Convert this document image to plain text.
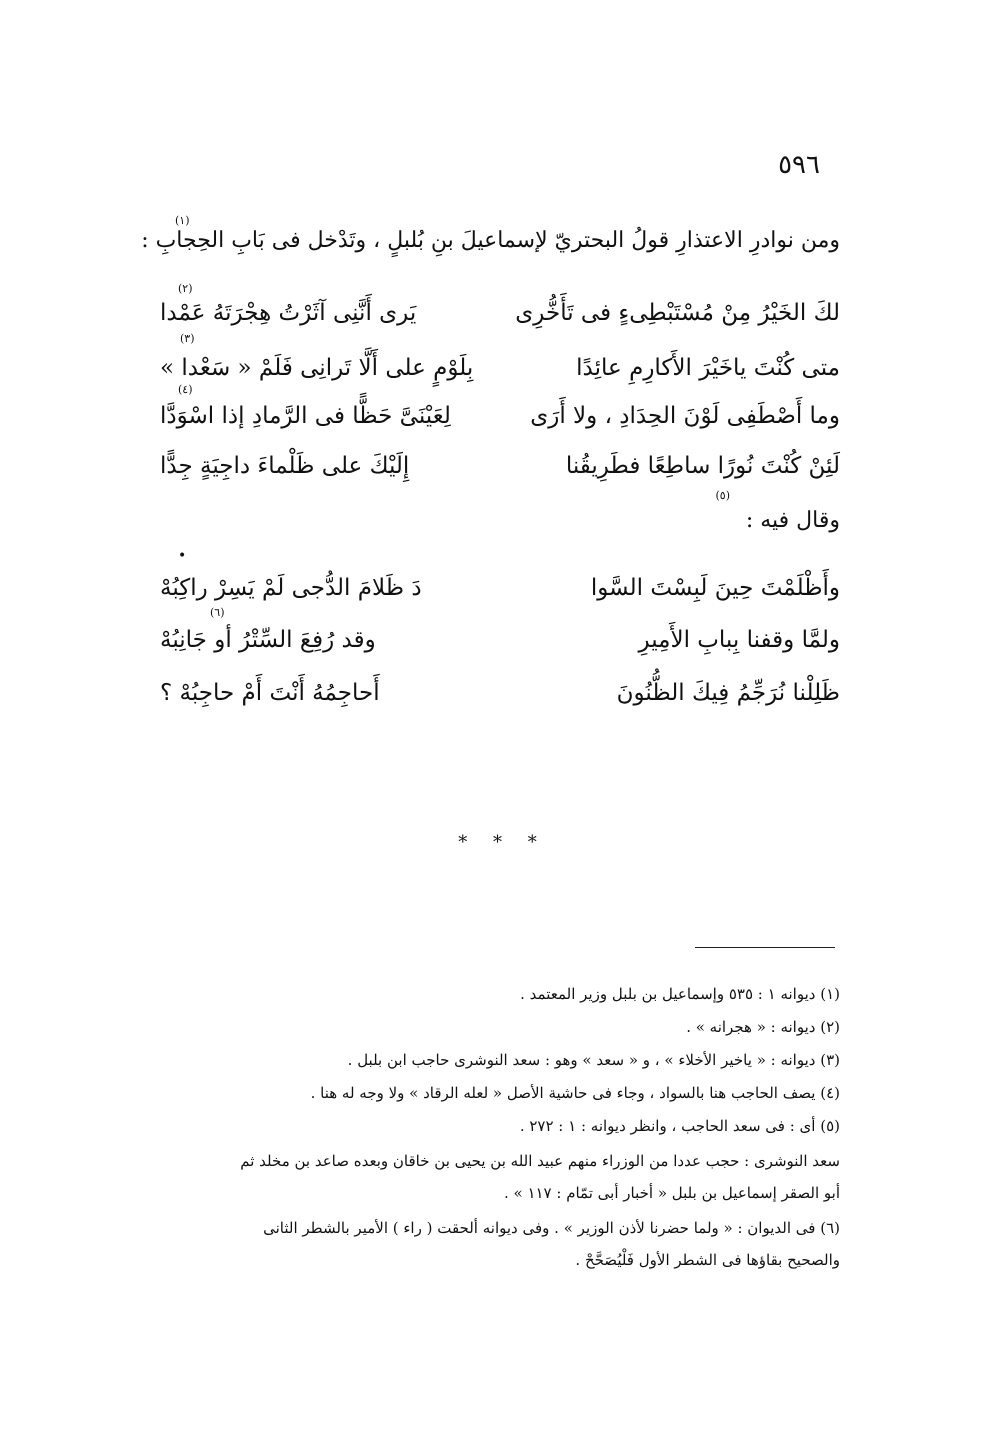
٥٩٦
ومن نوادرِ الاعتذارِ قولُ البحتريّ لإسماعيلَ بنِ بُلبلٍ ، وتَدْخل فى بَابِ الحِجابِ :
(١)
لكَ الخَيْرُ مِنْ مُسْتَبْطِىءٍ فى تَأَخُّرِى
يَرى أَنَّنِى آثَرْتُ هِجْرَتَهُ عَمْدا
(٢)
متى كُنْتَ ياخَيْرَ الأَكارِمِ عائِدًا
بِلَوْمٍ على أَلَّا تَرانِى فَلَمْ « سَعْدا »
(٣)
وما أَصْطَفِى لَوْنَ الحِدَادِ ، ولا أَرَى
لِعَيْنَىَّ حَظًّا فى الرَّمادِ إذا اسْوَدَّا
(٤)
لَئِنْ كُنْتَ نُورًا ساطِعًا فطَرِيقُنا
إِلَيْكَ على ظَلْماءَ داجِيَةٍ جِدًّا
(٥)
وقال فيه :
•
وأَظْلَمْتَ حِينَ لَبِسْتَ السَّوا
دَ ظَلامَ الدُّجى لَمْ يَسِرْ راكِبُهْ
ولمَّا وقفنا بِبابِ الأَمِيرِ
وقد رُفِعَ السِّتْرُ أو جَانِبُهْ
(٦)
ظَلِلْنا نُرَجِّمُ فِيكَ الظُّنُونَ
أَحاجِمُهُ أَنْتَ أَمْ حاجِبُهْ ؟
* * *
(١) ديوانه ١ : ٥٣٥ وإسماعيل بن بلبل وزير المعتمد .
(٢) ديوانه : « هجرانه » .
(٣) ديوانه : « ياخير الأخلاء » ، و « سعد » وهو : سعد النوشرى حاجب ابن بلبل .
(٤) يصف الحاجب هنا بالسواد ، وجاء فى حاشية الأصل « لعله الرقاد » ولا وجه له هنا .
(٥) أى : فى سعد الحاجب ، وانظر ديوانه : ١ : ٢٧٢ .
سعد النوشرى : حجب عددا من الوزراء منهم عبيد الله بن يحيى بن خاقان وبعده صاعد بن مخلد ثم
أبو الصقر إسماعيل بن بلبل « أخبار أبى تمّام : ١١٧ » .
(٦) فى الديوان : « ولما حضرنا لأذن الوزير » . وفى ديوانه ألحقت ( راء ) الأمير بالشطر الثانى
والصحيح بقاؤها فى الشطر الأول فَلْيُصَحَّحْ .
